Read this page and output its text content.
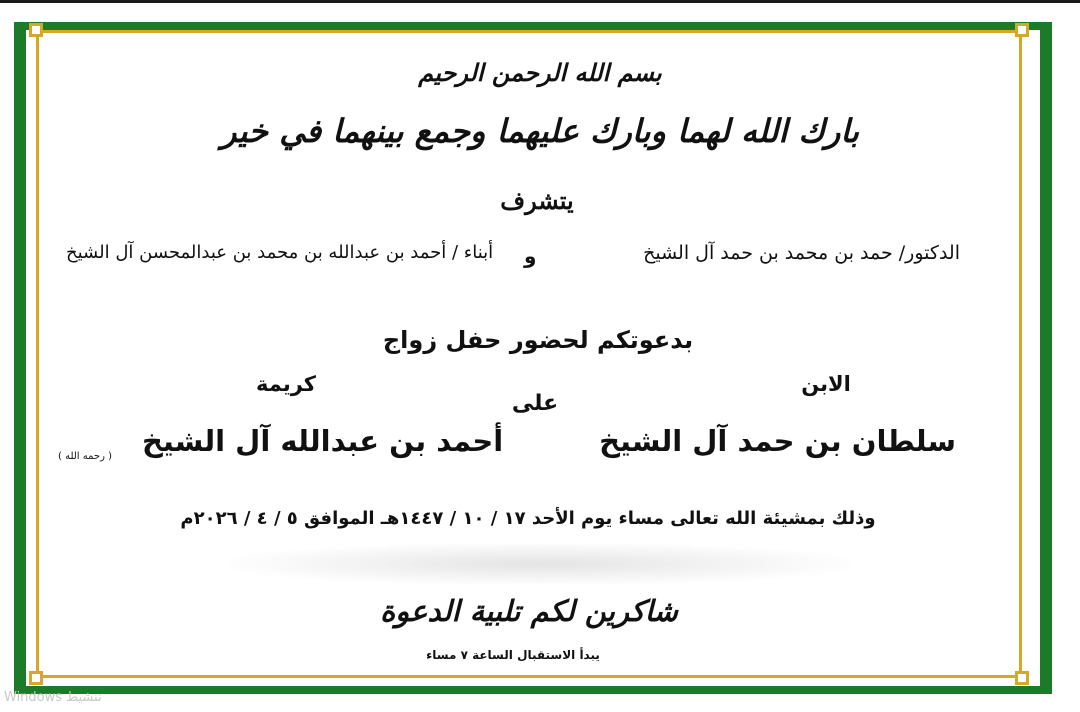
بسم الله الرحمن الرحيم
بارك الله لهما وبارك عليهما وجمع بينهما في خير
يتشرف
الدكتور/ حمد بن محمد بن حمد آل الشيخ
و
أبناء / أحمد بن عبدالله بن محمد بن عبدالمحسن آل الشيخ
بدعوتكم لحضور حفل زواج
الابن
كريمة
على
سلطان بن حمد آل الشيخ
أحمد بن عبدالله آل الشيخ
( رحمه الله )
وذلك بمشيئة الله تعالى مساء يوم الأحد ١٧ / ١٠ / ١٤٤٧هـ الموافق ٥ / ٤ / ٢٠٢٦م
شاكرين لكم تلبية الدعوة
يبدأ الاستقبال الساعة ٧ مساء
Windows تنشيط
